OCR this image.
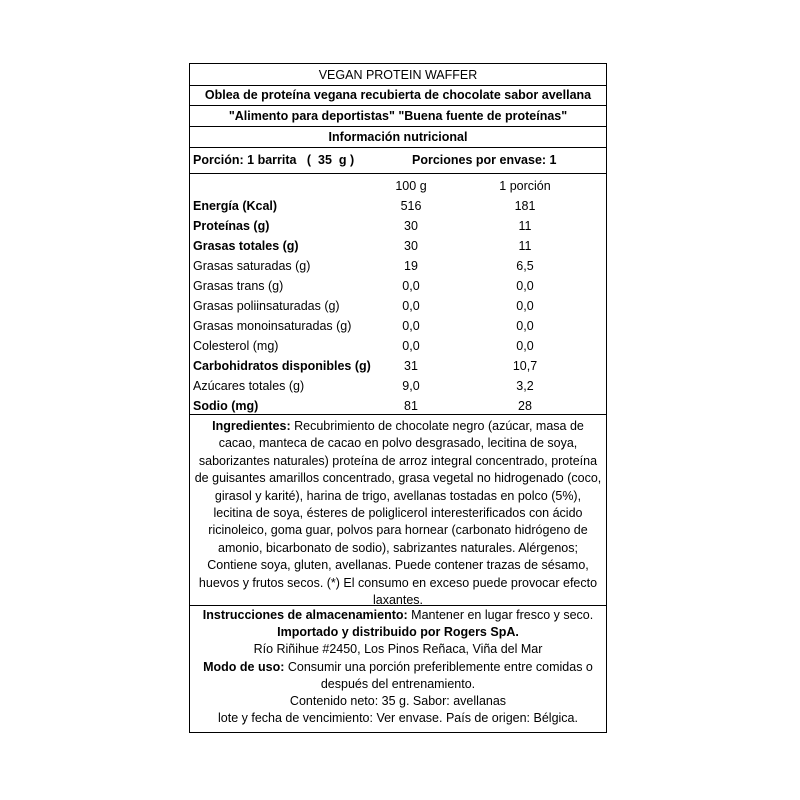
VEGAN PROTEIN WAFFER
Oblea de proteína vegana recubierta de chocolate sabor avellana
"Alimento para deportistas" "Buena fuente de proteínas"
Información nutricional
Porción: 1 barrita   (  35  g )	Porciones por envase: 1
100 g	1 porción
Energía (Kcal)	516	181
Proteínas (g)	30	11
Grasas totales (g)	30	11
Grasas saturadas (g)	19	6,5
Grasas trans (g)	0,0	0,0
Grasas poliinsaturadas (g)	0,0	0,0
Grasas monoinsaturadas (g)	0,0	0,0
Colesterol (mg)	0,0	0,0
Carbohidratos disponibles (g)	31	10,7
Azúcares totales (g)	9,0	3,2
Sodio (mg)	81	28

Ingredientes: Recubrimiento de chocolate negro (azúcar, masa de cacao, manteca de cacao en polvo desgrasado, lecitina de soya, saborizantes naturales) proteína de arroz integral concentrado, proteína de guisantes amarillos concentrado, grasa vegetal no hidrogenado (coco, girasol y karité), harina de trigo, avellanas tostadas en polco (5%), lecitina de soya, ésteres de poliglicerol interesterificados con ácido ricinoleico, goma guar, polvos para hornear (carbonato hidrógeno de amonio, bicarbonato de sodio), sabrizantes naturales. Alérgenos; Contiene soya, gluten, avellanas. Puede contener trazas de sésamo, huevos y frutos secos. (*) El consumo en exceso puede provocar efecto laxantes.

Instrucciones de almacenamiento: Mantener en lugar fresco y seco.

Importado y distribuido por Rogers SpA.

Río Riñihue #2450, Los Pinos Reñaca, Viña del Mar

Modo de uso: Consumir una porción preferiblemente entre comidas o después del entrenamiento.

Contenido neto: 35 g. Sabor: avellanas

lote y fecha de vencimiento: Ver envase. País de origen: Bélgica.
